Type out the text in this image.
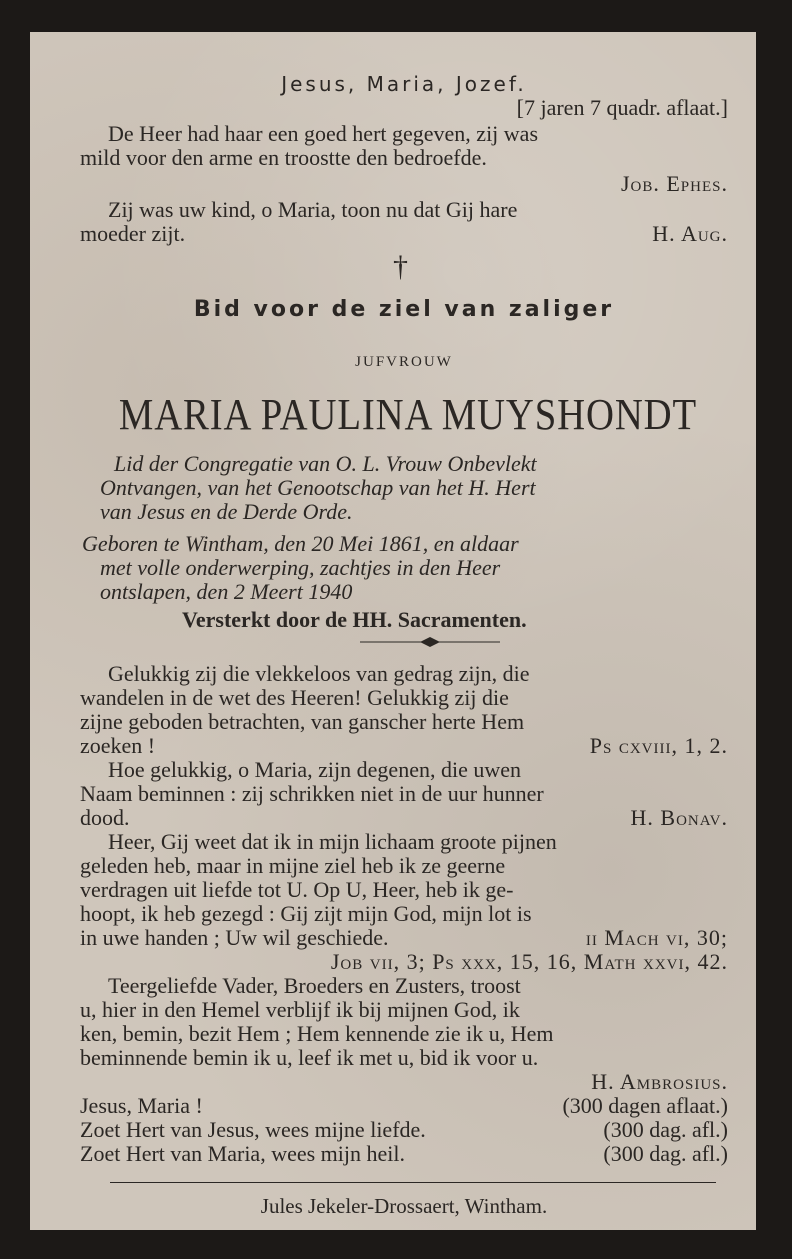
Jesus, Maria, Jozef.
[7 jaren 7 quadr. aflaat.]
De Heer had haar een goed hert gegeven, zij was
mild voor den arme en troostte den bedroefde.
Job. Ephes.
Zij was uw kind, o Maria, toon nu dat Gij hare
moeder zijt.	H. Aug.
†
Bid voor de ziel van zaliger
JUFVROUW
MARIA PAULINA MUYSHONDT
Lid der Congregatie van O. L. Vrouw Onbevlekt
Ontvangen, van het Genootschap van het H. Hert
van Jesus en de Derde Orde.
Geboren te Wintham, den 20 Mei 1861, en aldaar
met volle onderwerping, zachtjes in den Heer
ontslapen, den 2 Meert 1940
Versterkt door de HH. Sacramenten.
Gelukkig zij die vlekkeloos van gedrag zijn, die
wandelen in de wet des Heeren! Gelukkig zij die
zijne geboden betrachten, van ganscher herte Hem
zoeken !	Ps cxviii, 1, 2.
Hoe gelukkig, o Maria, zijn degenen, die uwen
Naam beminnen : zij schrikken niet in de uur hunner
dood.	H. Bonav.
Heer, Gij weet dat ik in mijn lichaam groote pijnen
geleden heb, maar in mijne ziel heb ik ze geerne
verdragen uit liefde tot U. Op U, Heer, heb ik ge-
hoopt, ik heb gezegd : Gij zijt mijn God, mijn lot is
in uwe handen ; Uw wil geschiede.	ii Mach vi, 30;
Job vii, 3; Ps xxx, 15, 16, Math xxvi, 42.
Teergeliefde Vader, Broeders en Zusters, troost
u, hier in den Hemel verblijf ik bij mijnen God, ik
ken, bemin, bezit Hem ; Hem kennende zie ik u, Hem
beminnende bemin ik u, leef ik met u, bid ik voor u.
H. Ambrosius.
Jesus, Maria !	(300 dagen aflaat.)
Zoet Hert van Jesus, wees mijne liefde.	(300 dag. afl.)
Zoet Hert van Maria, wees mijn heil.	(300 dag. afl.)
Jules Jekeler-Drossaert, Wintham.
